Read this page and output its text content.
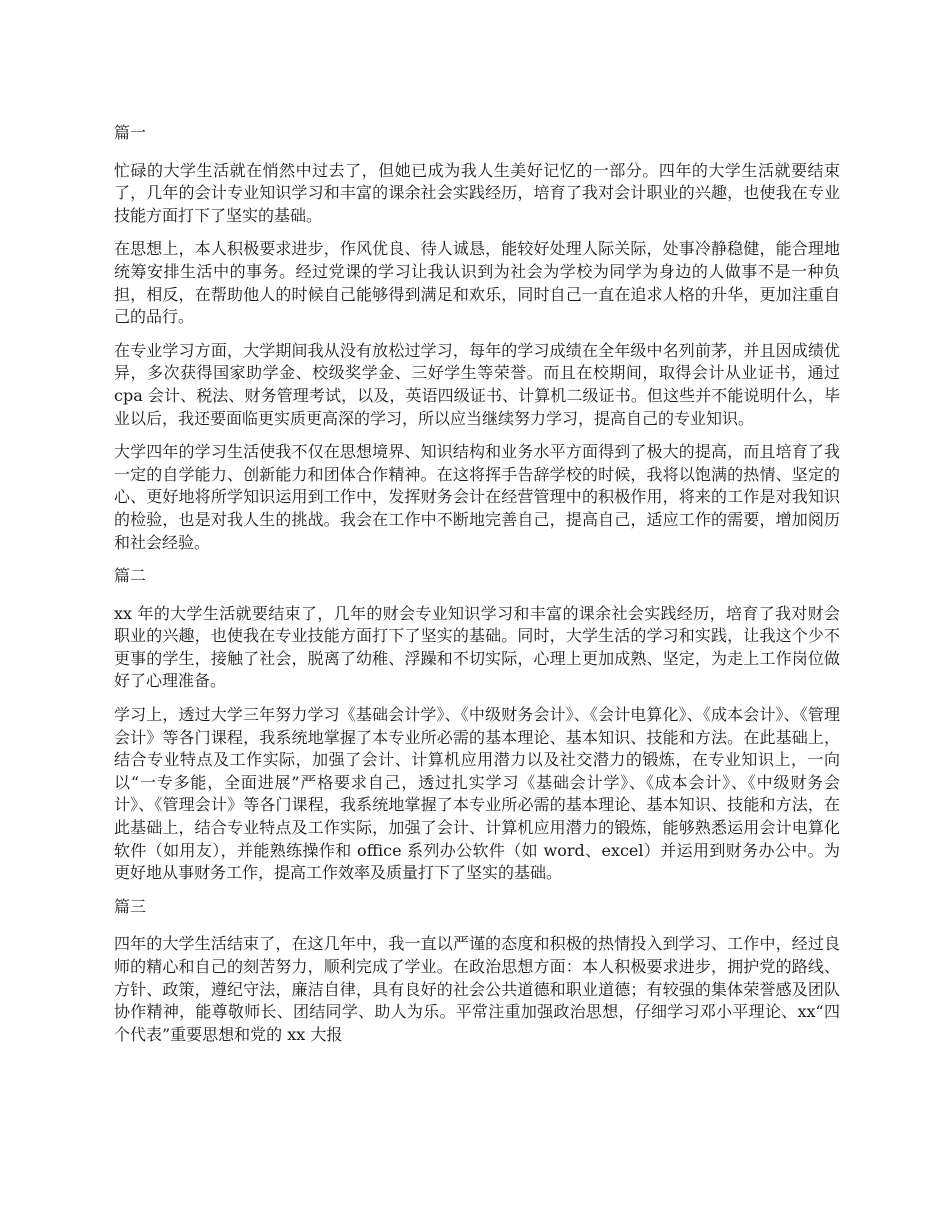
篇一

忙碌的大学生活就在悄然中过去了，但她已成为我人生美好记忆的一部分。四年的大学生活就要结束了，几年的会计专业知识学习和丰富的课余社会实践经历，培育了我对会计职业的兴趣，也使我在专业技能方面打下了坚实的基础。

在思想上，本人积极要求进步，作风优良、待人诚恳，能较好处理人际关际，处事冷静稳健，能合理地统筹安排生活中的事务。经过党课的学习让我认识到为社会为学校为同学为身边的人做事不是一种负担，相反，在帮助他人的时候自己能够得到满足和欢乐，同时自己一直在追求人格的升华，更加注重自己的品行。

在专业学习方面，大学期间我从没有放松过学习，每年的学习成绩在全年级中名列前茅，并且因成绩优异，多次获得国家助学金、校级奖学金、三好学生等荣誉。而且在校期间，取得会计从业证书，通过 cpa 会计、税法、财务管理考试，以及，英语四级证书、计算机二级证书。但这些并不能说明什么，毕业以后，我还要面临更实质更高深的学习，所以应当继续努力学习，提高自己的专业知识。

大学四年的学习生活使我不仅在思想境界、知识结构和业务水平方面得到了极大的提高，而且培育了我一定的自学能力、创新能力和团体合作精神。在这将挥手告辞学校的时候，我将以饱满的热情、坚定的心、更好地将所学知识运用到工作中，发挥财务会计在经营管理中的积极作用，将来的工作是对我知识的检验，也是对我人生的挑战。我会在工作中不断地完善自己，提高自己，适应工作的需要，增加阅历和社会经验。

篇二

xx 年的大学生活就要结束了，几年的财会专业知识学习和丰富的课余社会实践经历，培育了我对财会职业的兴趣，也使我在专业技能方面打下了坚实的基础。同时，大学生活的学习和实践，让我这个少不更事的学生，接触了社会，脱离了幼稚、浮躁和不切实际，心理上更加成熟、坚定，为走上工作岗位做好了心理准备。

学习上，透过大学三年努力学习《基础会计学》、《中级财务会计》、《会计电算化》、《成本会计》、《管理会计》等各门课程，我系统地掌握了本专业所必需的基本理论、基本知识、技能和方法。在此基础上，结合专业特点及工作实际，加强了会计、计算机应用潜力以及社交潜力的锻炼，在专业知识上，一向以“一专多能，全面进展”严格要求自己，透过扎实学习《基础会计学》、《成本会计》、《中级财务会计》、《管理会计》等各门课程，我系统地掌握了本专业所必需的基本理论、基本知识、技能和方法，在此基础上，结合专业特点及工作实际，加强了会计、计算机应用潜力的锻炼，能够熟悉运用会计电算化软件（如用友），并能熟练操作和 office 系列办公软件（如 word、excel）并运用到财务办公中。为更好地从事财务工作，提高工作效率及质量打下了坚实的基础。

篇三

四年的大学生活结束了，在这几年中，我一直以严谨的态度和积极的热情投入到学习、工作中，经过良师的精心和自己的刻苦努力，顺利完成了学业。在政治思想方面：本人积极要求进步，拥护党的路线、方针、政策，遵纪守法，廉洁自律，具有良好的社会公共道德和职业道德；有较强的集体荣誉感及团队协作精神，能尊敬师长、团结同学、助人为乐。平常注重加强政治思想，仔细学习邓小平理论、xx“四个代表”重要思想和党的 xx 大报
